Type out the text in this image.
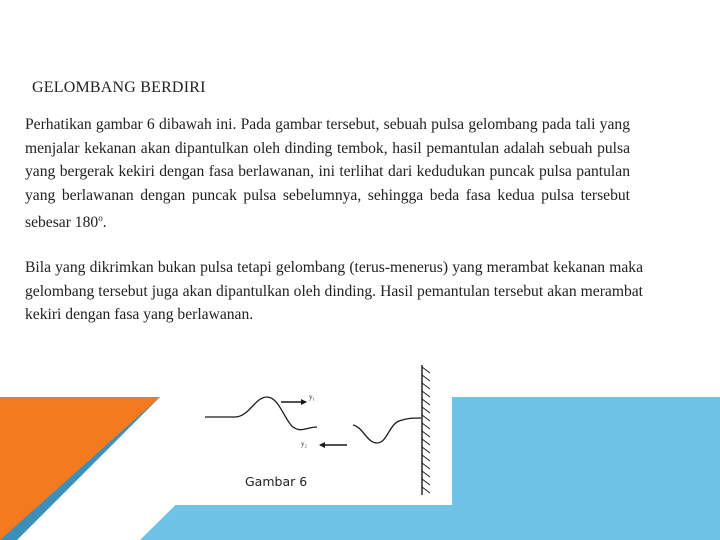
GELOMBANG BERDIRI

Perhatikan gambar 6 dibawah ini. Pada gambar tersebut, sebuah pulsa gelombang pada tali yang menjalar kekanan akan dipantulkan oleh dinding tembok, hasil pemantulan adalah sebuah pulsa yang bergerak kekiri dengan fasa berlawanan, ini terlihat dari kedudukan puncak pulsa pantulan yang berlawanan dengan puncak pulsa sebelumnya, sehingga beda fasa kedua pulsa tersebut sebesar 180$^o$.

Bila yang dikrimkan bukan pulsa tetapi gelombang (terus-menerus) yang merambat kekanan maka gelombang tersebut juga akan dipantulkan oleh dinding. Hasil pemantulan tersebut akan merambat kekiri dengan fasa yang berlawanan.

y₁
y₂
Gambar 6
